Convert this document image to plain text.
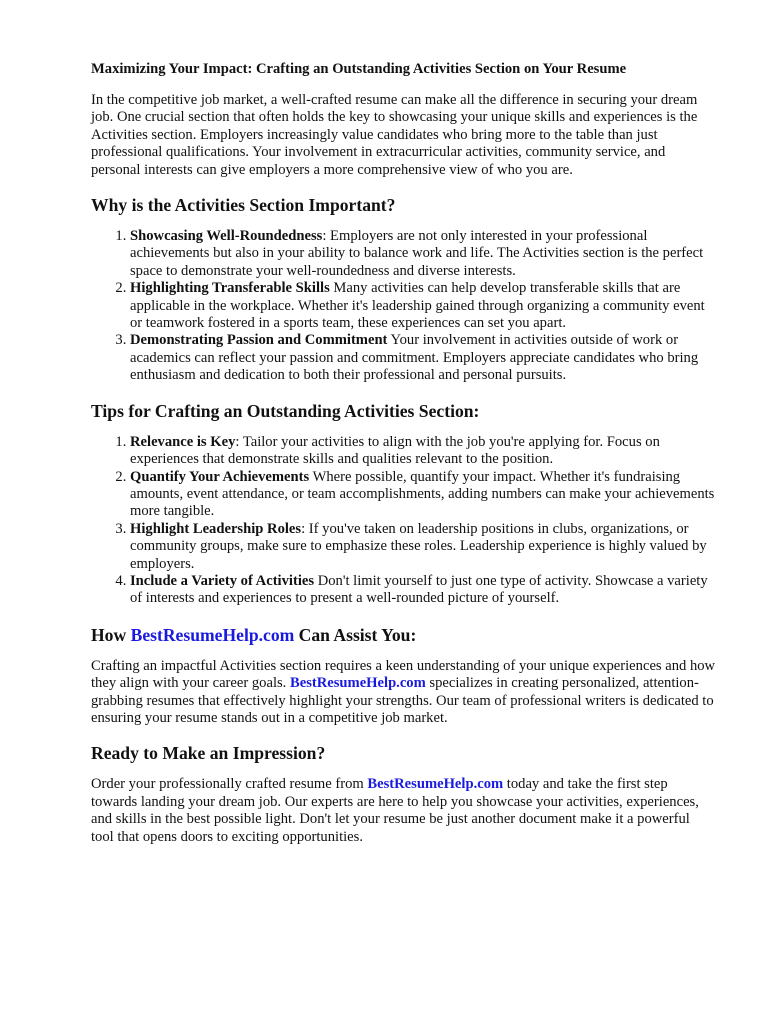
Maximizing Your Impact: Crafting an Outstanding Activities Section on Your Resume

In the competitive job market, a well-crafted resume can make all the difference in securing your dream job. One crucial section that often holds the key to showcasing your unique skills and experiences is the Activities section. Employers increasingly value candidates who bring more to the table than just professional qualifications. Your involvement in extracurricular activities, community service, and personal interests can give employers a more comprehensive view of who you are.

Why is the Activities Section Important?
1. Showcasing Well-Roundedness: Employers are not only interested in your professional achievements but also in your ability to balance work and life. The Activities section is the perfect space to demonstrate your well-roundedness and diverse interests.
2. Highlighting Transferable Skills Many activities can help develop transferable skills that are applicable in the workplace. Whether it's leadership gained through organizing a community event or teamwork fostered in a sports team, these experiences can set you apart.
3. Demonstrating Passion and Commitment Your involvement in activities outside of work or academics can reflect your passion and commitment. Employers appreciate candidates who bring enthusiasm and dedication to both their professional and personal pursuits.
Tips for Crafting an Outstanding Activities Section:
1. Relevance is Key: Tailor your activities to align with the job you're applying for. Focus on experiences that demonstrate skills and qualities relevant to the position.
2. Quantify Your Achievements Where possible, quantify your impact. Whether it's fundraising amounts, event attendance, or team accomplishments, adding numbers can make your achievements more tangible.
3. Highlight Leadership Roles: If you've taken on leadership positions in clubs, organizations, or community groups, make sure to emphasize these roles. Leadership experience is highly valued by employers.
4. Include a Variety of Activities Don't limit yourself to just one type of activity. Showcase a variety of interests and experiences to present a well-rounded picture of yourself.
How BestResumeHelp.com Can Assist You:

Crafting an impactful Activities section requires a keen understanding of your unique experiences and how they align with your career goals. BestResumeHelp.com specializes in creating personalized, attention-grabbing resumes that effectively highlight your strengths. Our team of professional writers is dedicated to ensuring your resume stands out in a competitive job market.

Ready to Make an Impression?

Order your professionally crafted resume from BestResumeHelp.com today and take the first step towards landing your dream job. Our experts are here to help you showcase your activities, experiences, and skills in the best possible light. Don't let your resume be just another document make it a powerful tool that opens doors to exciting opportunities.
